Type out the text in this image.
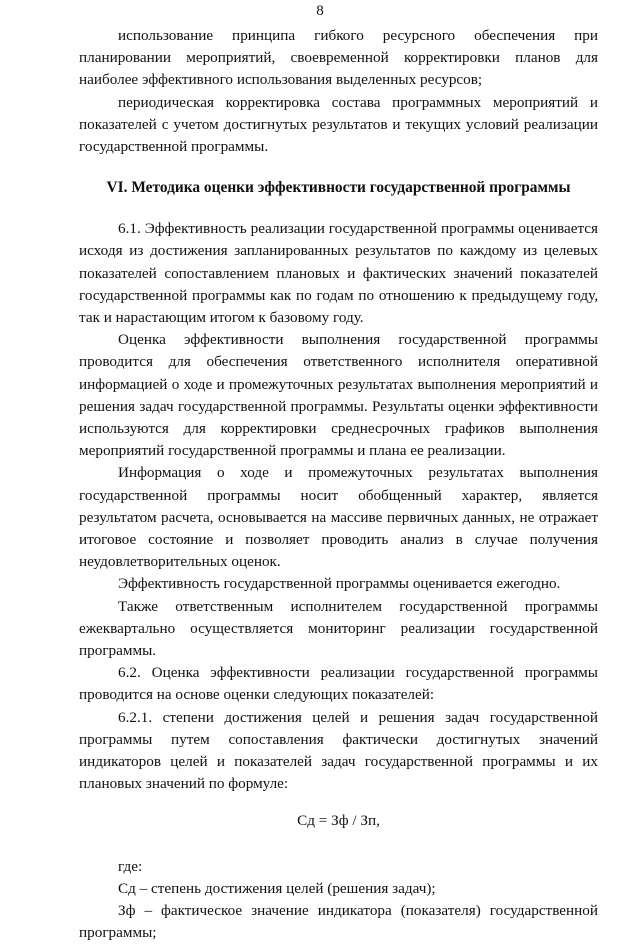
8

использование принципа гибкого ресурсного обеспечения при планировании мероприятий, своевременной корректировки планов для наиболее эффективного использования выделенных ресурсов;

периодическая корректировка состава программных мероприятий и показателей с учетом достигнутых результатов и текущих условий реализации государственной программы.

VI. Методика оценки эффективности государственной программы

6.1. Эффективность реализации государственной программы оценивается исходя из достижения запланированных результатов по каждому из целевых показателей сопоставлением плановых и фактических значений показателей государственной программы как по годам по отношению к предыдущему году, так и нарастающим итогом к базовому году.

Оценка эффективности выполнения государственной программы проводится для обеспечения ответственного исполнителя оперативной информацией о ходе и промежуточных результатах выполнения мероприятий и решения задач государственной программы. Результаты оценки эффективности используются для корректировки среднесрочных графиков выполнения мероприятий государственной программы и плана ее реализации.

Информация о ходе и промежуточных результатах выполнения государственной программы носит обобщенный характер, является результатом расчета, основывается на массиве первичных данных, не отражает итоговое состояние и позволяет проводить анализ в случае получения неудовлетворительных оценок.

Эффективность государственной программы оценивается ежегодно.

Также ответственным исполнителем государственной программы ежеквартально осуществляется мониторинг реализации государственной программы.

6.2. Оценка эффективности реализации государственной программы проводится на основе оценки следующих показателей:

6.2.1. степени достижения целей и решения задач государственной программы путем сопоставления фактически достигнутых значений индикаторов целей и показателей задач государственной программы и их плановых значений по формуле:

Сд = Зф / Зп,

где:

Сд – степень достижения целей (решения задач);

Зф – фактическое значение индикатора (показателя) государственной программы;
